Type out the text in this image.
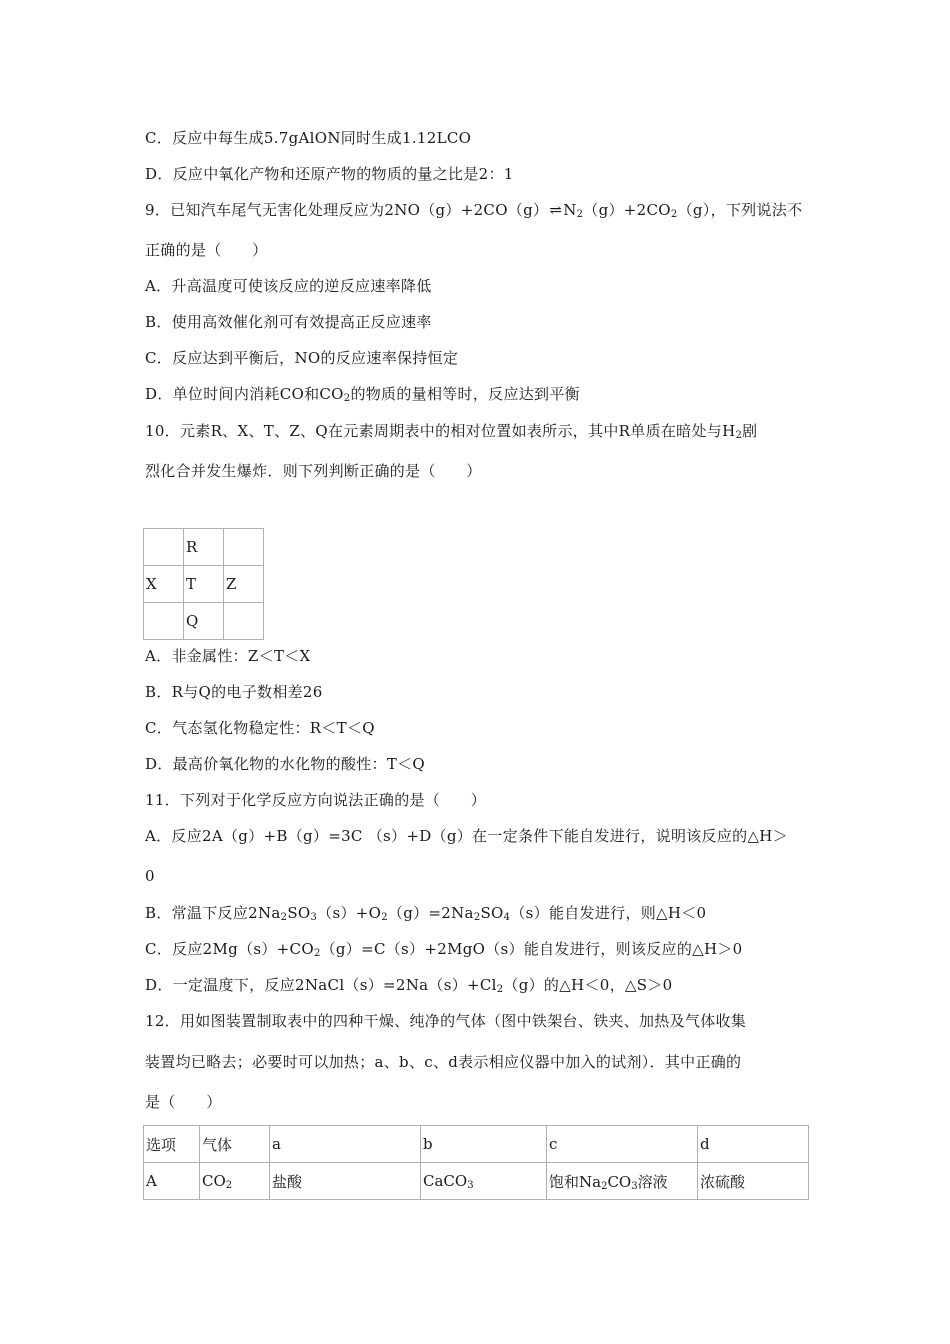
C．反应中每生成5.7gAlON同时生成1.12LCO
D．反应中氧化产物和还原产物的物质的量之比是2：1
9．已知汽车尾气无害化处理反应为$2NO(g)+2CO(g)\rightleftharpoons N_2(g)+2CO_2(g)$，下列说法不
正确的是（　　）
A．升高温度可使该反应的逆反应速率降低
B．使用高效催化剂可有效提高正反应速率
C．反应达到平衡后，NO的反应速率保持恒定
D．单位时间内消耗CO和$CO_2$的物质的量相等时，反应达到平衡
10．元素R、X、T、Z、Q在元素周期表中的相对位置如表所示，其中R单质在暗处与$H_2$剧
烈化合并发生爆炸．则下列判断正确的是（　　）
	R	
X	T	Z
	Q	
A．非金属性：Z＜T＜X
B．R与Q的电子数相差26
C．气态氢化物稳定性：R＜T＜Q
D．最高价氧化物的水化物的酸性：T＜Q
11．下列对于化学反应方向说法正确的是（　　）
A．反应2A（g）+B（g）=3C （s）+D（g）在一定条件下能自发进行，说明该反应的△H＞
0
B．常温下反应$2Na_2SO_3(s)+O_2(g)=2Na_2SO_4(s)$能自发进行，则△H＜0
C．反应$2Mg(s)+CO_2(g)=C(s)+2MgO(s)$能自发进行，则该反应的△H＞0
D．一定温度下，反应$2NaCl(s)=2Na(s)+Cl_2(g)$的△H＜0，△S＞0
12．用如图装置制取表中的四种干燥、纯净的气体（图中铁架台、铁夹、加热及气体收集
装置均已略去；必要时可以加热；a、b、c、d表示相应仪器中加入的试剂）．其中正确的
是（　　）
选项	气体	a	b	c	d
A	$CO_2$	盐酸	CaCO$_3$	饱和$Na_2CO_3$溶液	浓硫酸
